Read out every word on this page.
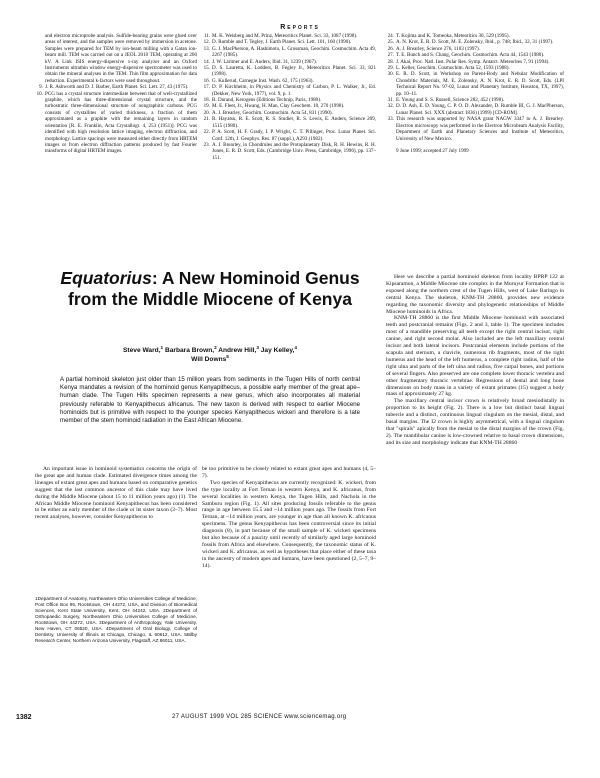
Reports
and electron microprobe analysis. Sulfide-bearing grains were glued over areas of interest, and the samples were removed by immersion in acetone. Samples were prepared for TEM by ion-beam milling with a Gatan ion-beam mill. TEM was carried out on a JEOL 2010 TEM, operating at 200 kV. A Link ISIS energy-dispersive x-ray analyzer and an Oxford Instruments ultrathin window energy-dispersive spectrometer was used to obtain the mineral analyses in the TEM. Thin film approximation for data reduction. Experimental k-factors were used throughout.
9. J. R. Ashworth and D. J. Barber, Earth Planet. Sci. Lett. 27, 43 (1975).
10. PCG has a crystal structure intermediate between that of well-crystallized graphite, which has three-dimensional crystal structure, and the turbostratic three-dimensional structure of nongraphitic carbons. PCG consists of crystallites of varied thickness, a fraction of them approximated as a graphite with the remaining layers in random orientation [R. E. Franklin, Acta Crystallogr. 4, 253 (1951)]. PCG was identified with high resolution lattice imaging, electron diffraction, and morphology. Lattice spacings were measured either directly from HRTEM images or from electron diffraction patterns produced by fast Fourier transforms of digital HRTEM images.
11. M. K. Weisberg and M. Prinz, Meteoritics Planet. Sci. 33, 1087 (1998).
12. D. Rumble and T. Tegley, J. Earth Planet. Sci. Lett. 101, 160 (1990).
13. G. J. MacPherson, A. Hashimoto, L. Grossman, Geochim. Cosmochim. Acta 49, 2267 (1985).
14. J. W. Larimer and E. Anders, Ibid. 31, 1239 (1967).
15. D. S. Lauretta, K. Lodders, B. Fegley Jr., Meteoritics Planet. Sci. 33, 821 (1998).
16. G. Kullerud, Carnegie Inst. Wash. 62, 175 (1963).
17. D. P. Kirchheim, in Physics and Chemistry of Carbon, P. L. Walker, Jr., Ed. (Dekker, New York, 1977), vol. 9, p. 1.
18. B. Durand, Kerogens (Editions Technip, Paris, 1980).
19. M. E. Fleet, Jr., Hwang, H. Man, Clay Geochem. 18, 270 (1998).
20. A. J. Brearley, Geochim. Cosmochim. Acta 54, 831 (1990).
21. R. Hayatsu, R. E. Scott, R. S. Studier, R. S. Lewis, E. Anders, Science 209, 1515 (1980).
22. P. A. Scott, H. F. Grady, I. P. Wright, C. T. Pillinger, Proc. Lunar Planet. Sci. Conf. 12th, J. Geophys. Res. 87 (suppl.), A293 (1982).
23. A. J. Brearley, in Chondrules and the Protoplanetary Disk, R. H. Hewins, R. H. Jones, E. R. D. Scott, Eds. (Cambridge Univ. Press, Cambridge, 1996), pp. 137–151.
24. T. Kojima and K. Tomeoka, Meteoritics 30, 529 (1995).
25. A. N. Krot, E. R. D. Scott, M. E. Zolensky, Ibid., p. 748; Ibid., 32, 31 (1997).
26. A. J. Brearley, Science 276, 1103 (1997).
27. T. E. Bunch and S. Chang, Geochim. Cosmochim. Acta 44, 1543 (1980).
28. J. Akai, Proc. Natl. Inst. Polar Res. Symp. Antarct. Meteorites 7, 91 (1994).
29. L. Keller, Geochim. Cosmochim. Acta 52, 1593 (1988).
30. E. R. D. Scott, in Workshop on Parent-Body and Nebular Modification of Chondritic Materials, M. E. Zolensky, A. N. Krot, E. R. D. Scott, Eds. (LPI Technical Report No. 97-02, Lunar and Planetary Institute, Houston, TX, 1997), pp. 10–11.
31. E. Young and S. S. Russell, Science 282, 452 (1998).
32. D. D. Ash, E. D. Young, C. P. O. D. Alexander, D. Rumble III, G. J. MacPherson, Lunar Planet. Sci. XXX (abstract 1836) (1999) [CD-ROM].
33. This research was supported by NASA grant NAGW 3347 to A. J. Brearley. Electron microscopy was performed in the Electron Microbeam Analysis Facility, Department of Earth and Planetary Sciences and Institute of Meteoritics, University of New Mexico.
9 June 1999; accepted 27 July 1999
Equatorius: A New Hominoid Genus from the Middle Miocene of Kenya
Steve Ward,$^1$ Barbara Brown,$^2$ Andrew Hill,$^3$ Jay Kelley,$^4$
Will Downs$^5$
A partial hominoid skeleton just older than 15 million years from sediments in the Tugen Hills of north central Kenya mandates a revision of the hominoid genus Kenyapithecus, a possible early member of the great ape–human clade. The Tugen Hills specimen represents a new genus, which also incorporates all material previously referable to Kenyapithecus africanus. The new taxon is derived with respect to earlier Miocene hominoids but is primitive with respect to the younger species Kenyapithecus wickeri and therefore is a late member of the stem hominoid radiation in the East African Miocene.

An important issue in hominoid systematics concerns the origin of the great ape and human clade. Estimated divergence times among the lineages of extant great apes and humans based on comparative genetics suggest that the last common ancestor of this clade may have lived during the Middle Miocene (about 15 to 11 million years ago) (1). The African Middle Miocene hominoid Kenyapithecus has been considered to be either an early member of the clade or its sister taxon (2–7). Most recent analyses, however, consider Kenyapithecus to

1Department of Anatomy, Northeastern Ohio Universities College of Medicine, Post Office Box 95, Rootstown, OH 44272, USA, and Division of Biomedical Sciences, Kent State University, Kent, OH 44242, USA. 2Department of Orthopaedic Surgery, Northeastern Ohio Universities College of Medicine, Rootstown, OH 44272, USA. 3Department of Anthropology, Yale University, New Haven, CT 06520, USA. 4Department of Oral Biology, College of Dentistry, University of Illinois at Chicago, Chicago, IL 60612, USA. 5Bilby Research Center, Northern Arizona University, Flagstaff, AZ 86011, USA.

be too primitive to be closely related to extant great apes and humans (4, 5–7).

Two species of Kenyapithecus are currently recognized: K. wickeri, from the type locality at Fort Ternan in western Kenya, and K. africanus, from several localities in western Kenya, the Tugen Hills, and Nachola in the Samburu region (Fig. 1). All sites producing fossils referable to the genus range in age between 15.5 and ~14 million years ago. The fossils from Fort Ternan, at ~14 million years, are younger in age than all known K. africanus specimens. The genus Kenyapithecus has been controversial since its initial diagnosis (8), in part because of the small sample of K. wickeri specimens but also because of a paucity until recently of similarly aged large hominoid fossils from Africa and elsewhere. Consequently, the taxonomic status of K. wickeri and K. africanus, as well as hypotheses that place either of these taxa in the ancestry of modern apes and humans, have been questioned (2, 5–7, 9–14).

Here we describe a partial hominoid skeleton from locality BPRP 122 at Kipsaramon, a Middle Miocene site complex in the Muruyur Formation that is exposed along the northern crest of the Tugen Hills, west of Lake Baringo in central Kenya. The skeleton, KNM-TH 28860, provides new evidence regarding the taxonomic diversity and phylogenetic relationships of Middle Miocene hominoids in Africa.

KNM-TH 28860 is the first Middle Miocene hominoid with associated teeth and postcranial remains (Figs. 2 and 3, table 1). The specimen includes most of a mandible preserving all teeth except the right central incisor, right canine, and right second molar. Also included are the left maxillary central incisor and both lateral incisors. Postcranial elements include portions of the scapula and sternum, a clavicle, numerous rib fragments, most of the right humerus and the head of the left humerus, a complete right radius, half of the right ulna and parts of the left ulna and radius, five carpal bones, and portions of several fingers. Also preserved are one complete lower thoracic vertebra and other fragmentary thoracic vertebrae. Regressions of dental and long bone dimensions on body mass in a variety of extant primates (15) suggest a body mass of approximately 27 kg.

The maxillary central incisor crown is relatively broad mesiodistally in proportion to its height (Fig. 2). There is a low but distinct basal lingual tubercle and a distinct, continuous lingual cingulum on the mesial, distal, and basal margins. The I2 crown is highly asymmetrical, with a lingual cingulum that "spirals" apically from the mesial to the distal margins of the crown (Fig. 2). The mandibular canine is low-crowned relative to basal crown dimensions, and its size and morphology indicate that KNM-TH 28860

1382	27 AUGUST 1999 VOL 285 SCIENCE www.sciencemag.org
